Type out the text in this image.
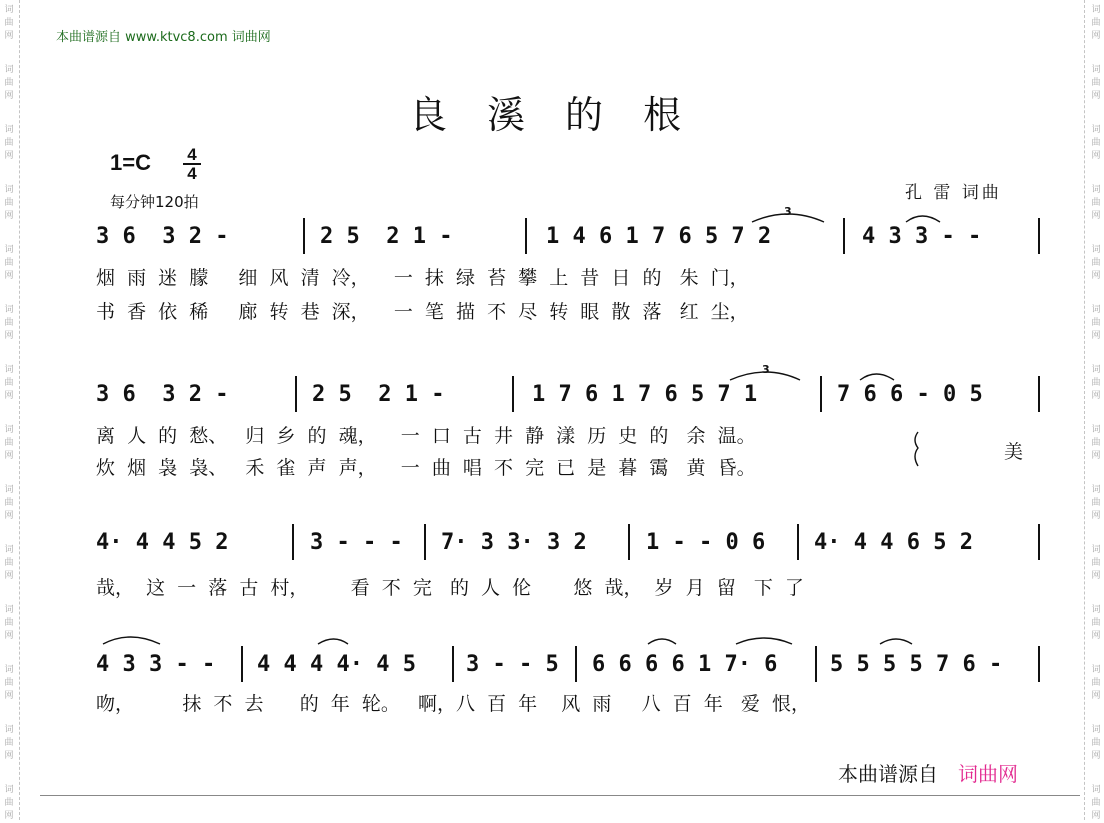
词
曲
网
词
曲
网
词
曲
网
词
曲
网
词
曲
网
词
曲
网
词
曲
网
词
曲
网
词
曲
网
词
曲
网
词
曲
网
词
曲
网
词
曲
网
词
曲
网
词
曲
网
词
曲
网
词
曲
网
词
曲
网
词
曲
网
词
曲
网
词
曲
网
词
曲
网
词
曲
网
词
曲
网
词
曲
网
词
曲
网
词
曲
网
词
曲
网
本曲谱源自 www.ktvc8.com 词曲网
良 溪 的 根
1=C 4
4
每分钟120拍	孔 雷 词曲
3 6  3 2 -	2 5  2 1 -	1 4 6 1 7 6 5 7 2	4 3 3 - -
烟  雨  迷  朦     细  风  清  冷，    一  抹  绿  苔  攀  上  昔  日  的   朱  门，
书  香  依  稀     廊  转  巷  深，    一  笔  描  不  尽  转  眼  散  落   红  尘，
3 6  3 2 -	2 5  2 1 -	1 7 6 1 7 6 5 7 1	7 6 6 - 0 5
离  人  的  愁、   归  乡  的  魂，    一  口  古  井  静  漾  历  史  的   余  温。
炊  烟  袅  袅、   禾  雀  声  声，    一  曲  唱  不  完  已  是  暮  霭   黄  昏。
美
4· 4 4 5 2	3 - - - 7· 3 3· 3 2	1 - - 0 6 4· 4 4 6 5 2
哉，  这  一  落  古  村，       看  不  完   的  人  伦       悠  哉，  岁  月  留   下  了
4 3 3 - - 4 4 4 4· 4 5 3 - - 5 6 6 6 6 1 7· 6 5 5 5 5 7 6 -
吻，        抹  不  去      的  年  轮。   啊，八  百  年    风  雨     八  百  年   爱  恨，
3
3
本曲谱源自 词曲网
